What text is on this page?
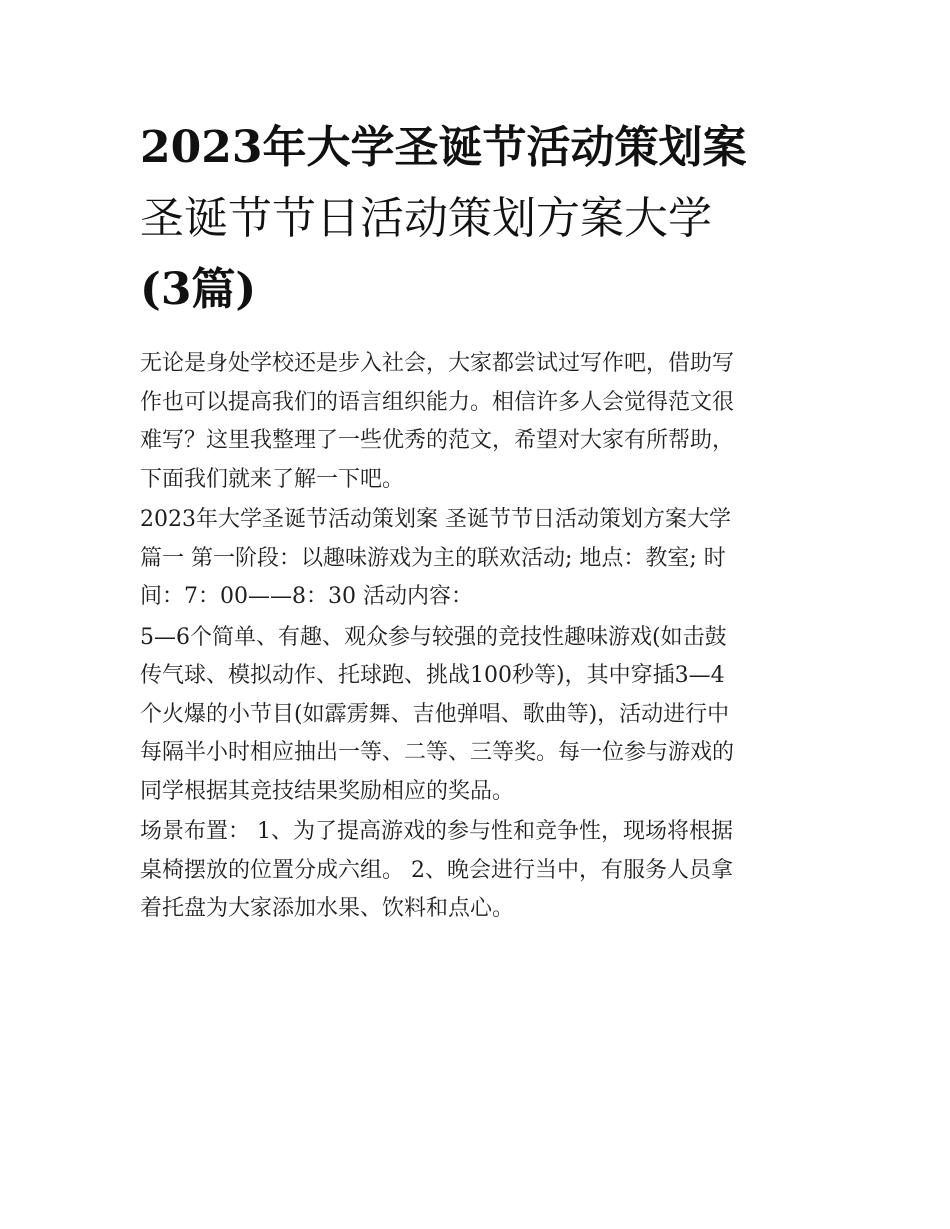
2023年大学圣诞节活动策划案
圣诞节节日活动策划方案大学
(3篇)

无论是身处学校还是步入社会，大家都尝试过写作吧，借助写
作也可以提高我们的语言组织能力。相信许多人会觉得范文很
难写？这里我整理了一些优秀的范文，希望对大家有所帮助，
下面我们就来了解一下吧。

2023年大学圣诞节活动策划案 圣诞节节日活动策划方案大学
篇一 第一阶段：以趣味游戏为主的联欢活动; 地点：教室; 时
间：7：00——8：30 活动内容：

5—6个简单、有趣、观众参与较强的竞技性趣味游戏(如击鼓
传气球、模拟动作、托球跑、挑战100秒等)，其中穿插3—4
个火爆的小节目(如霹雳舞、吉他弹唱、歌曲等)，活动进行中
每隔半小时相应抽出一等、二等、三等奖。每一位参与游戏的
同学根据其竞技结果奖励相应的奖品。

场景布置： 1、为了提高游戏的参与性和竞争性，现场将根据
桌椅摆放的位置分成六组。 2、晚会进行当中，有服务人员拿
着托盘为大家添加水果、饮料和点心。
